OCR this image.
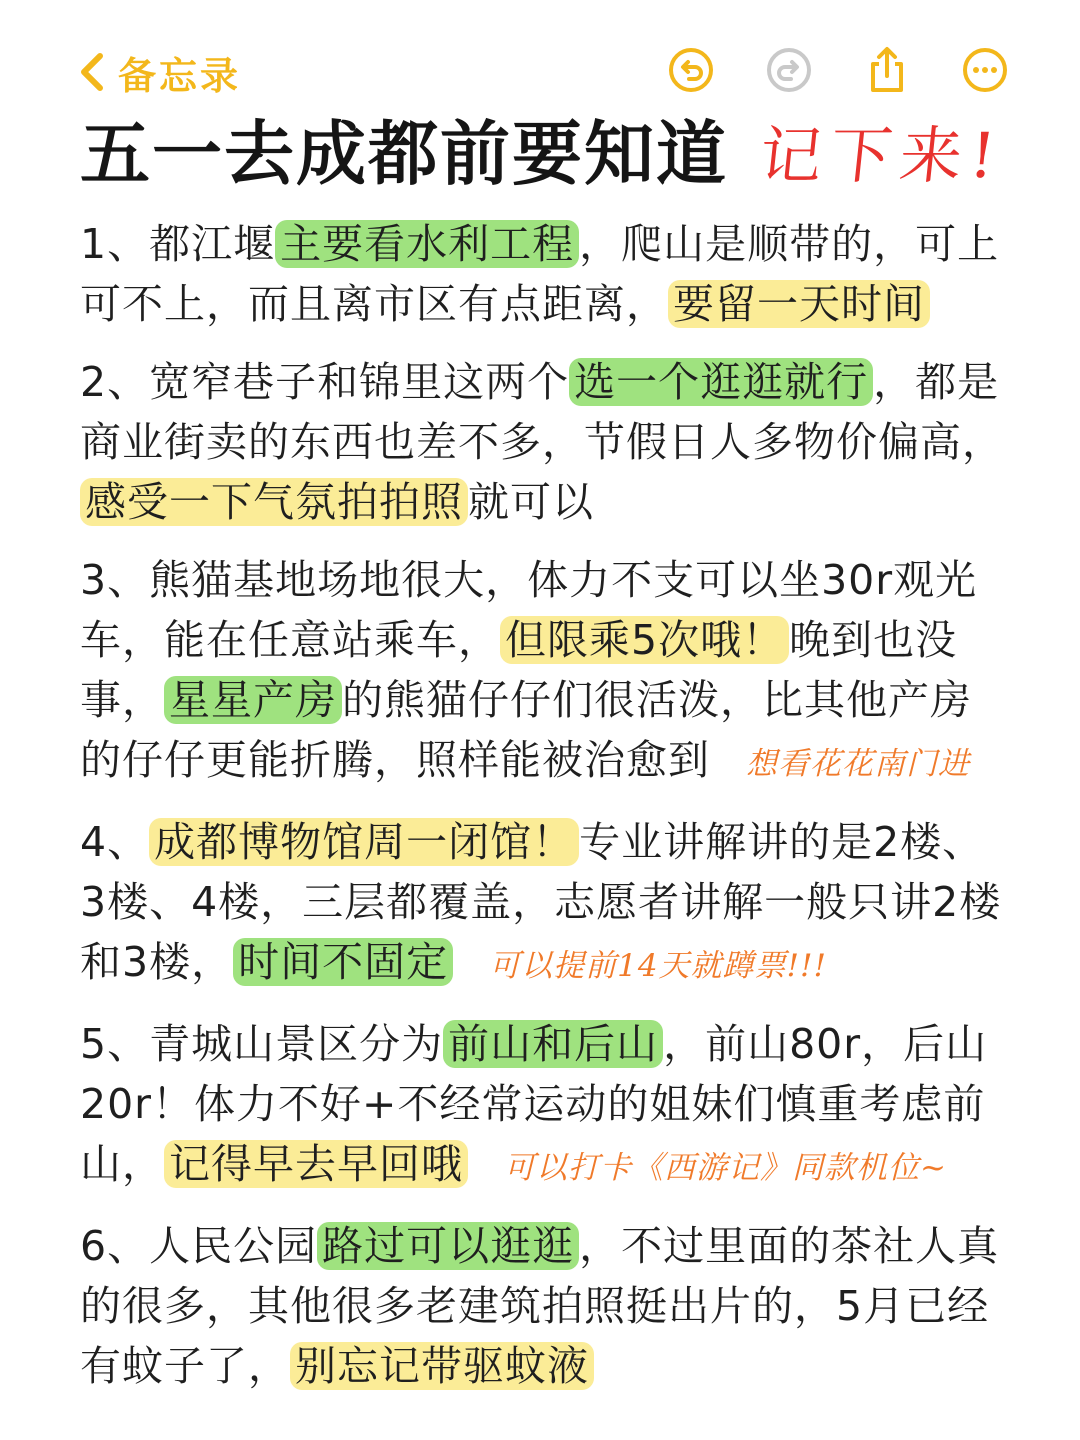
备忘录
五一去成都前要知道 记下来!
1、都江堰 主要看水利工程 ，爬山是顺带的，可上可不上，而且离市区有点距离， 要留一天时间
2、宽窄巷子和锦里这两个 选一个逛逛就行 ，都是商业街卖的东西也差不多，节假日人多物价偏高，感受一下气氛拍拍照 就可以
3、熊猫基地场地很大，体力不支可以坐30r观光车，能在任意站乘车， 但限乘5次哦！ 晚到也没事， 星星产房 的熊猫仔仔们很活泼，比其他产房的仔仔更能折腾，照样能被治愈到 想看花花南门进
4、 成都博物馆周一闭馆！ 专业讲解讲的是2楼、3楼、4楼，三层都覆盖，志愿者讲解一般只讲2楼和3楼， 时间不固定 可以提前14天就蹲票!!!
5、青城山景区分为 前山和后山 ，前山80r，后山20r！体力不好+不经常运动的姐妹们慎重考虑前山， 记得早去早回哦 可以打卡《西游记》同款机位~
6、人民公园 路过可以逛逛 ，不过里面的茶社人真的很多，其他很多老建筑拍照挺出片的，5月已经有蚊子了， 别忘记带驱蚊液
